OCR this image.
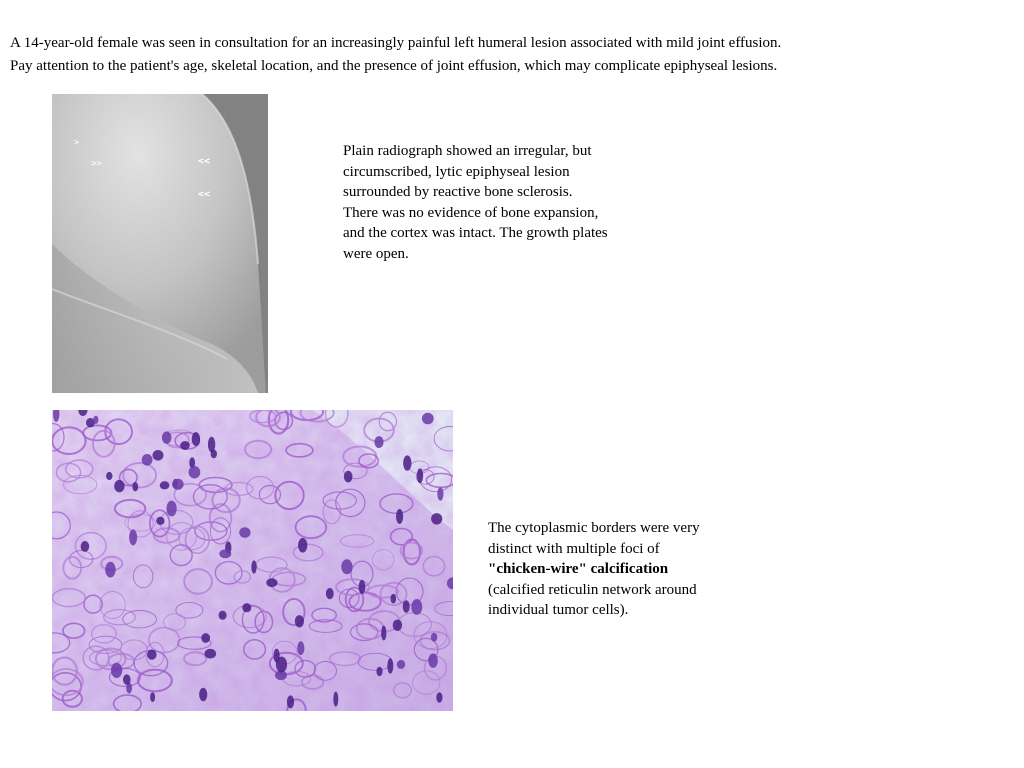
A 14-year-old female was seen in consultation for an increasingly painful left humeral lesion associated with mild joint effusion.

Pay attention to the patient's age, skeletal location, and the presence of joint effusion, which may complicate epiphyseal lesions.

>
>>	<<
<<

Plain radiograph showed an irregular, but

circumscribed, lytic epiphyseal lesion

surrounded by reactive bone sclerosis.

There was no evidence of bone expansion,

and the cortex was intact. The growth plates

were open.

The cytoplasmic borders were very

distinct with multiple foci of

"chicken-wire" calcification

(calcified reticulin network around

individual tumor cells).
